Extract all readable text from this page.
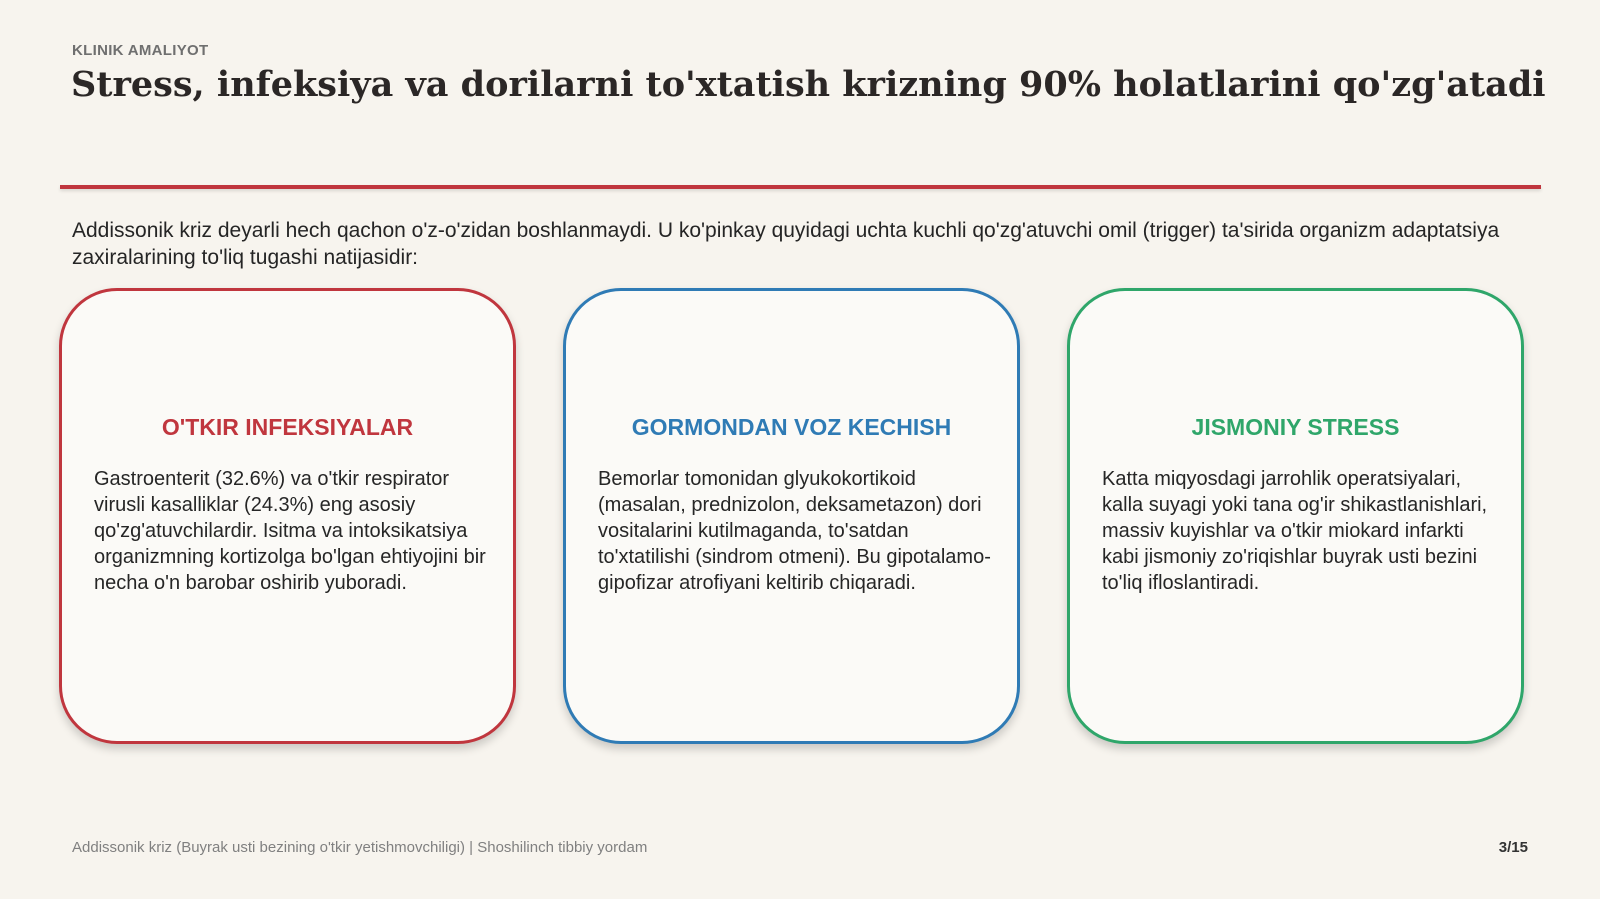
KLINIK AMALIYOT
Stress, infeksiya va dorilarni to'xtatish krizning 90% holatlarini qo'zg'atadi

Addissonik kriz deyarli hech qachon o'z-o'zidan boshlanmaydi. U ko'pinkay quyidagi uchta kuchli qo'zg'atuvchi omil (trigger) ta'sirida organizm adaptatsiya zaxiralarining to'liq tugashi natijasidir:

O'TKIR INFEKSIYALAR
Gastroenterit (32.6%) va o'tkir respirator virusli kasalliklar (24.3%) eng asosiy qo'zg'atuvchilardir. Isitma va intoksikatsiya organizmning kortizolga bo'lgan ehtiyojini bir necha o'n barobar oshirib yuboradi.
GORMONDAN VOZ KECHISH
Bemorlar tomonidan glyukokortikoid (masalan, prednizolon, deksametazon) dori vositalarini kutilmaganda, to'satdan to'xtatilishi (sindrom otmeni). Bu gipotalamo-gipofizar atrofiyani keltirib chiqaradi.
JISMONIY STRESS
Katta miqyosdagi jarrohlik operatsiyalari, kalla suyagi yoki tana og'ir shikastlanishlari, massiv kuyishlar va o'tkir miokard infarkti kabi jismoniy zo'riqishlar buyrak usti bezini to'liq ifloslantiradi.
Addissonik kriz (Buyrak usti bezining o'tkir yetishmovchiligi) | Shoshilinch tibbiy yordam	3/15
